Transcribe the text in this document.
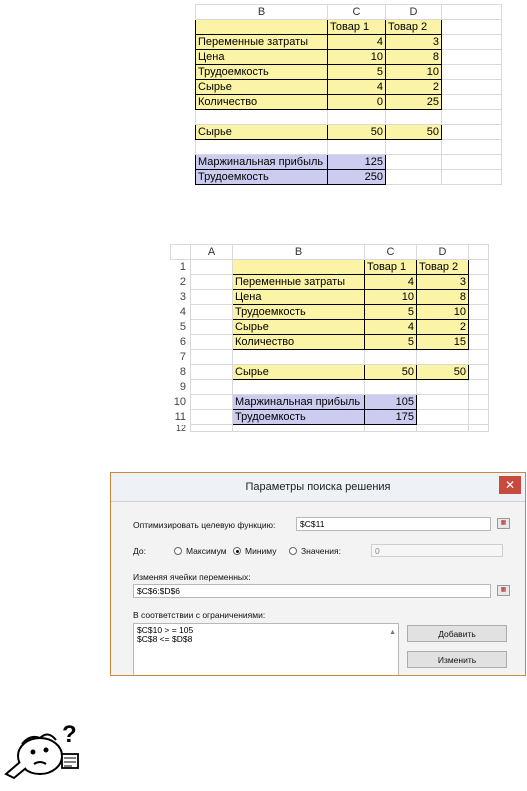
B	C	D	
	Товар 1	Товар 2	
Переменные затраты	4	3	
Цена	10	8	
Трудоемкость	5	10	
Сырье	4	2	
Количество	0	25	

Сырье	50	50	

Маржинальная прибыль	125		
Трудоемкость	250		
	A	B	C	D	
1			Товар 1	Товар 2	
2		Переменные затраты	4	3	
3		Цена	10	8	
4		Трудоемкость	5	10	
5		Сырье	4	2	
6		Количество	5	15	
7					
8		Сырье	50	50	
9					
10		Маржинальная прибыль	105		
11		Трудоемкость	175		
12					
Параметры поиска решения	✕
Оптимизировать целевую функцию:	$C$11	▦
До:	Максимум Миниму	Значения:	0
Изменяя ячейки переменных:
$C$6:$D$6	▦
В соответствии с ограничениями:
$C$10 > = 105
$C$8 <= $D$8
▲	Добавить
Изменить
?
